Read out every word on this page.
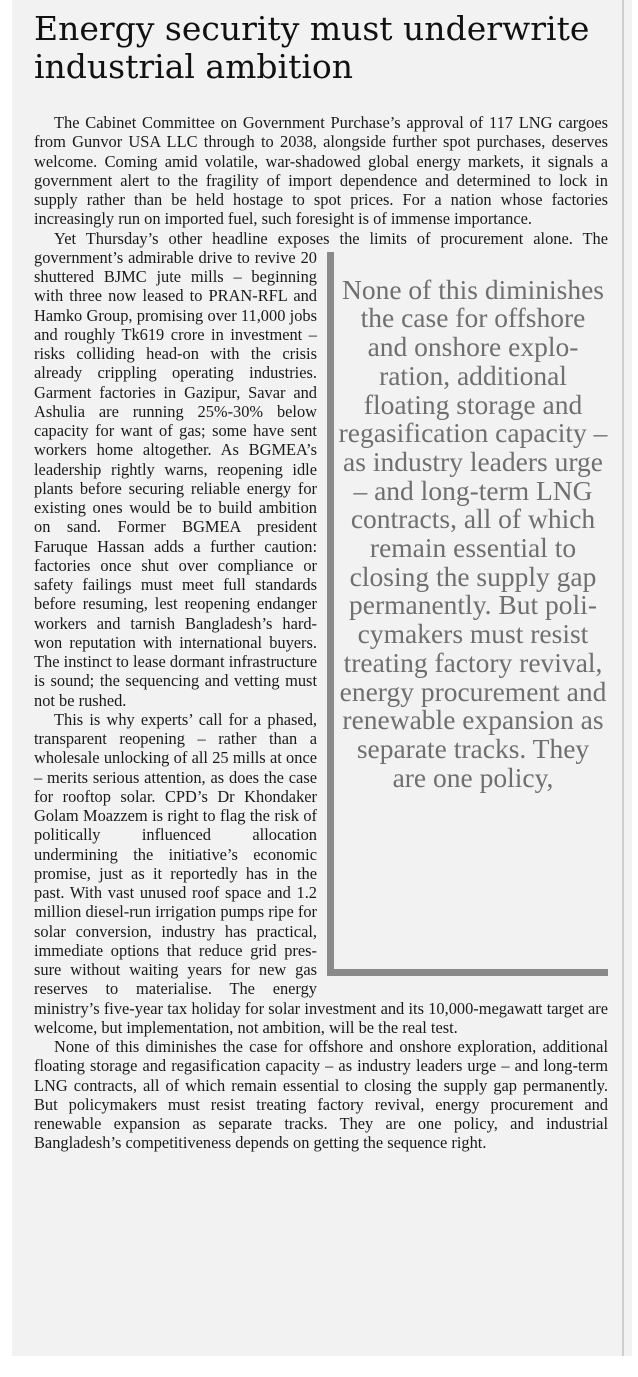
Energy security must underwrite industrial ambition

The Cabinet Committee on Government Purchase’s approval of 117 LNG cargoes from Gunvor USA LLC through to 2038, alongside further spot purchases, deserves welcome. Coming amid volatile, war-shadowed global energy markets, it signals a government alert to the fragility of import dependence and determined to lock in supply rather than be held hostage to spot prices. For a nation whose factories increasingly run on imported fuel, such foresight is of immense importance.

Yet Thursday’s other headline exposes the limits of procurement alone. The government’s admirable drive to revive 20
None of this diminishes the case for offshore and onshore exploration, additional floating storage and regasification capacity – as industry leaders urge – and long-term LNG contracts, all of which remain essential to closing the supply gap permanently. But policymakers must resist treating factory revival, energy procurement and renewable expansion as separate tracks. They are one policy,
shuttered BJMC jute mills – beginning with three now leased to PRAN-RFL and Hamko Group, promising over 11,000 jobs and roughly Tk619 crore in investment – risks colliding head-on with the crisis already crippling operating industries. Garment factories in Gazipur, Savar and Ashulia are running 25%-30% below capacity for want of gas; some have sent workers home altogether. As BGMEA’s leadership rightly warns, reopening idle plants before securing reliable energy for existing ones would be to build ambition on sand. Former BGMEA president Faruque Hassan adds a further caution: factories once shut over compliance or safety failings must meet full standards before resuming, lest reopening endanger workers and tarnish Bangladesh’s hard-won reputation with international buyers. The instinct to lease dormant infrastructure is sound; the sequencing and vetting must not be rushed.

This is why experts’ call for a phased, transparent reopening – rather than a wholesale unlocking of all 25 mills at once – merits serious attention, as does the case for rooftop solar. CPD’s Dr Khondaker Golam Moazzem is right to flag the risk of politically influenced allocation undermining the initiative’s economic promise, just as it reportedly has in the past. With vast unused roof space and 1.2 million diesel-run irrigation pumps ripe for solar conversion, industry has practical, immediate options that reduce grid pressure without waiting years for new gas reserves to materialise. The energy ministry’s five-year tax holiday for solar investment and its 10,000-megawatt target are welcome, but implementation, not ambition, will be the real test.

None of this diminishes the case for offshore and onshore exploration, additional floating storage and regasification capacity – as industry leaders urge – and long-term LNG contracts, all of which remain essential to closing the supply gap permanently. But policymakers must resist treating factory revival, energy procurement and renewable expansion as separate tracks. They are one policy, and industrial Bangladesh’s competitiveness depends on getting the sequence right.
